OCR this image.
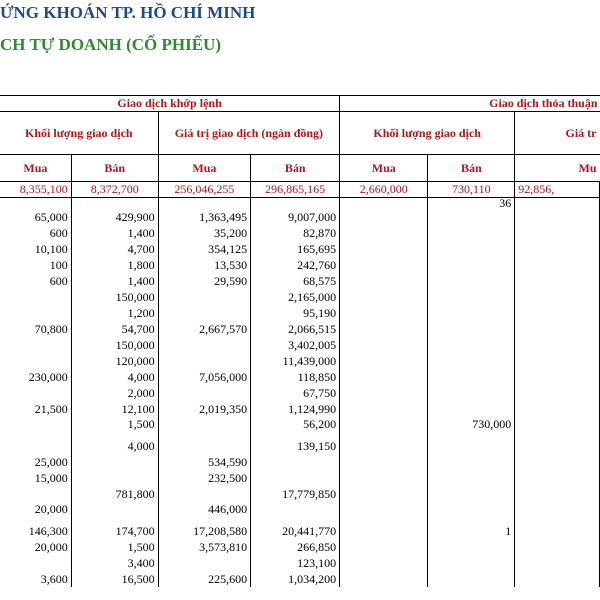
ỨNG KHOÁN TP. HỒ CHÍ MINH
CH TỰ DOANH (CỔ PHIẾU)
Giao dịch khớp lệnh				Giao dịch thỏa thuận		
Khối lượng giao dịch		Giá trị giao dịch (ngàn đồng)		Khối lượng giao dịch		Giá tr
Mua	Bán	Mua	Bán	Mua	Bán	Mu
8,355,100	8,372,700	256,046,255	296,865,165	2,660,000	730,110	92,856,
					36	
65,000	429,900	1,363,495	9,007,000			
600	1,400	35,200	82,870			
10,100	4,700	354,125	165,695			
100	1,800	13,530	242,760			
600	1,400	29,590	68,575			
	150,000		2,165,000			
	1,200		95,190			
70,800	54,700	2,667,570	2,066,515			
	150,000		3,402,005			
	120,000		11,439,000			
230,000	4,000	7,056,000	118,850			
	2,000		67,750			
21,500	12,100	2,019,350	1,124,990			
	1,500		56,200		730,000	
	4,000		139,150			
25,000		534,590				
15,000		232,500				
	781,800		17,779,850			
20,000		446,000				
146,300	174,700	17,208,580	20,441,770		1	
20,000	1,500	3,573,810	266,850			
	3,400		123,100			
3,600	16,500	225,600	1,034,200			
